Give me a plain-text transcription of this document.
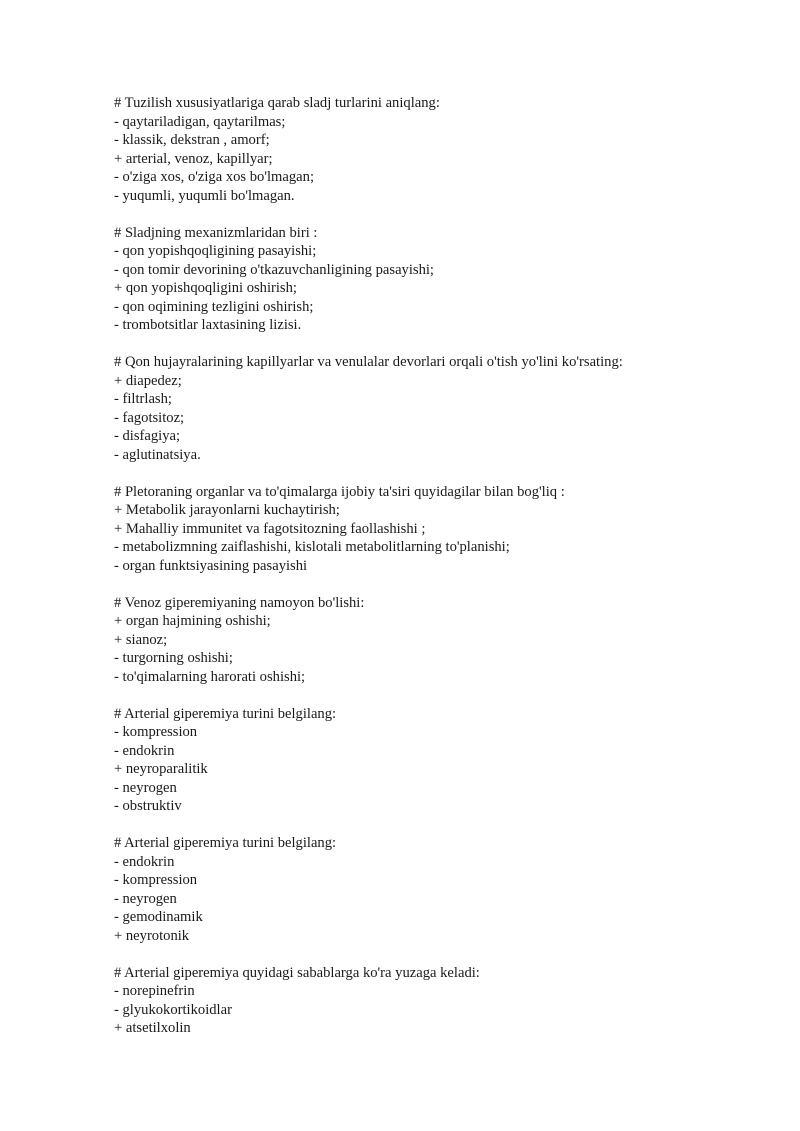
# Tuzilish xususiyatlariga qarab sladj turlarini aniqlang:
- qaytariladigan, qaytarilmas;
- klassik, dekstran , amorf;
+ arterial, venoz, kapillyar;
- o'ziga xos, o'ziga xos bo'lmagan;
- yuqumli, yuqumli bo'lmagan.
# Sladjning mexanizmlaridan biri :
- qon yopishqoqligining pasayishi;
- qon tomir devorining o'tkazuvchanligining pasayishi;
+ qon yopishqoqligini oshirish;
- qon oqimining tezligini oshirish;
- trombotsitlar laxtasining lizisi.
# Qon hujayralarining kapillyarlar va venulalar devorlari orqali o'tish yo'lini ko'rsating:
+ diapedez;
- filtrlash;
- fagotsitoz;
- disfagiya;
- aglutinatsiya.
# Pletoraning organlar va to'qimalarga ijobiy ta'siri quyidagilar bilan bog'liq :
+ Metabolik jarayonlarni kuchaytirish;
+ Mahalliy immunitet va fagotsitozning faollashishi ;
- metabolizmning zaiflashishi, kislotali metabolitlarning to'planishi;
- organ funktsiyasining pasayishi
# Venoz giperemiyaning namoyon bo'lishi:
+ organ hajmining oshishi;
+ sianoz;
- turgorning oshishi;
- to'qimalarning harorati oshishi;
# Arterial giperemiya turini belgilang:
- kompression
- endokrin
+ neyroparalitik
- neyrogen
- obstruktiv
# Arterial giperemiya turini belgilang:
- endokrin
- kompression
- neyrogen
- gemodinamik
+ neyrotonik
# Arterial giperemiya quyidagi sabablarga ko'ra yuzaga keladi:
- norepinefrin
- glyukokortikoidlar
+ atsetilxolin
